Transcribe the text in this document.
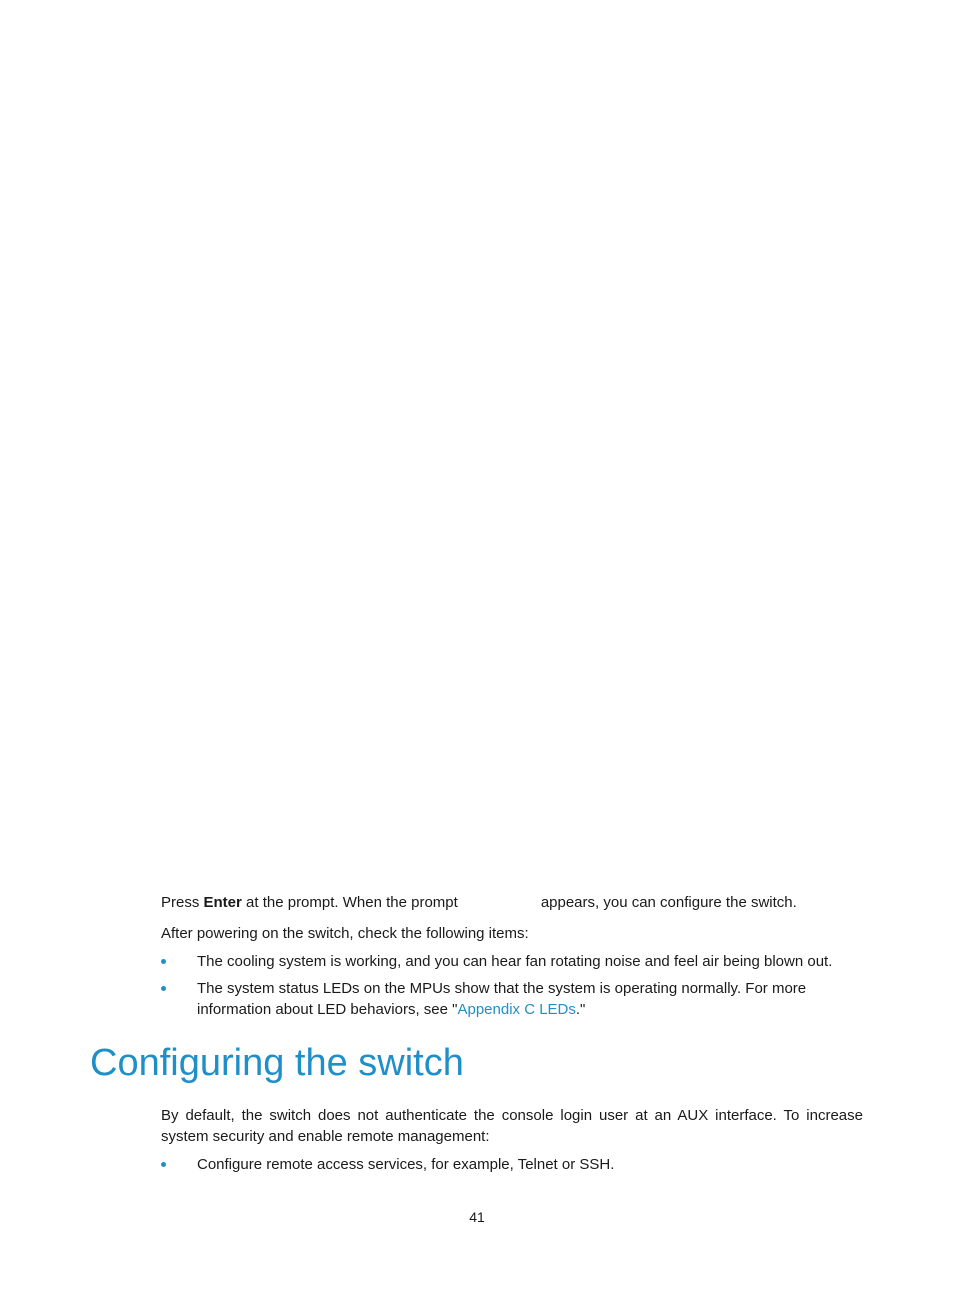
Press Enter at the prompt. When the prompt	appears, you can configure the switch.

After powering on the switch, check the following items:

The cooling system is working, and you can hear fan rotating noise and feel air being blown out.
The system status LEDs on the MPUs show that the system is operating normally. For more
information about LED behaviors, see "Appendix C LEDs."
Configuring the switch

By default, the switch does not authenticate the console login user at an AUX interface. To increase system security and enable remote management:

Configure remote access services, for example, Telnet or SSH.
41
